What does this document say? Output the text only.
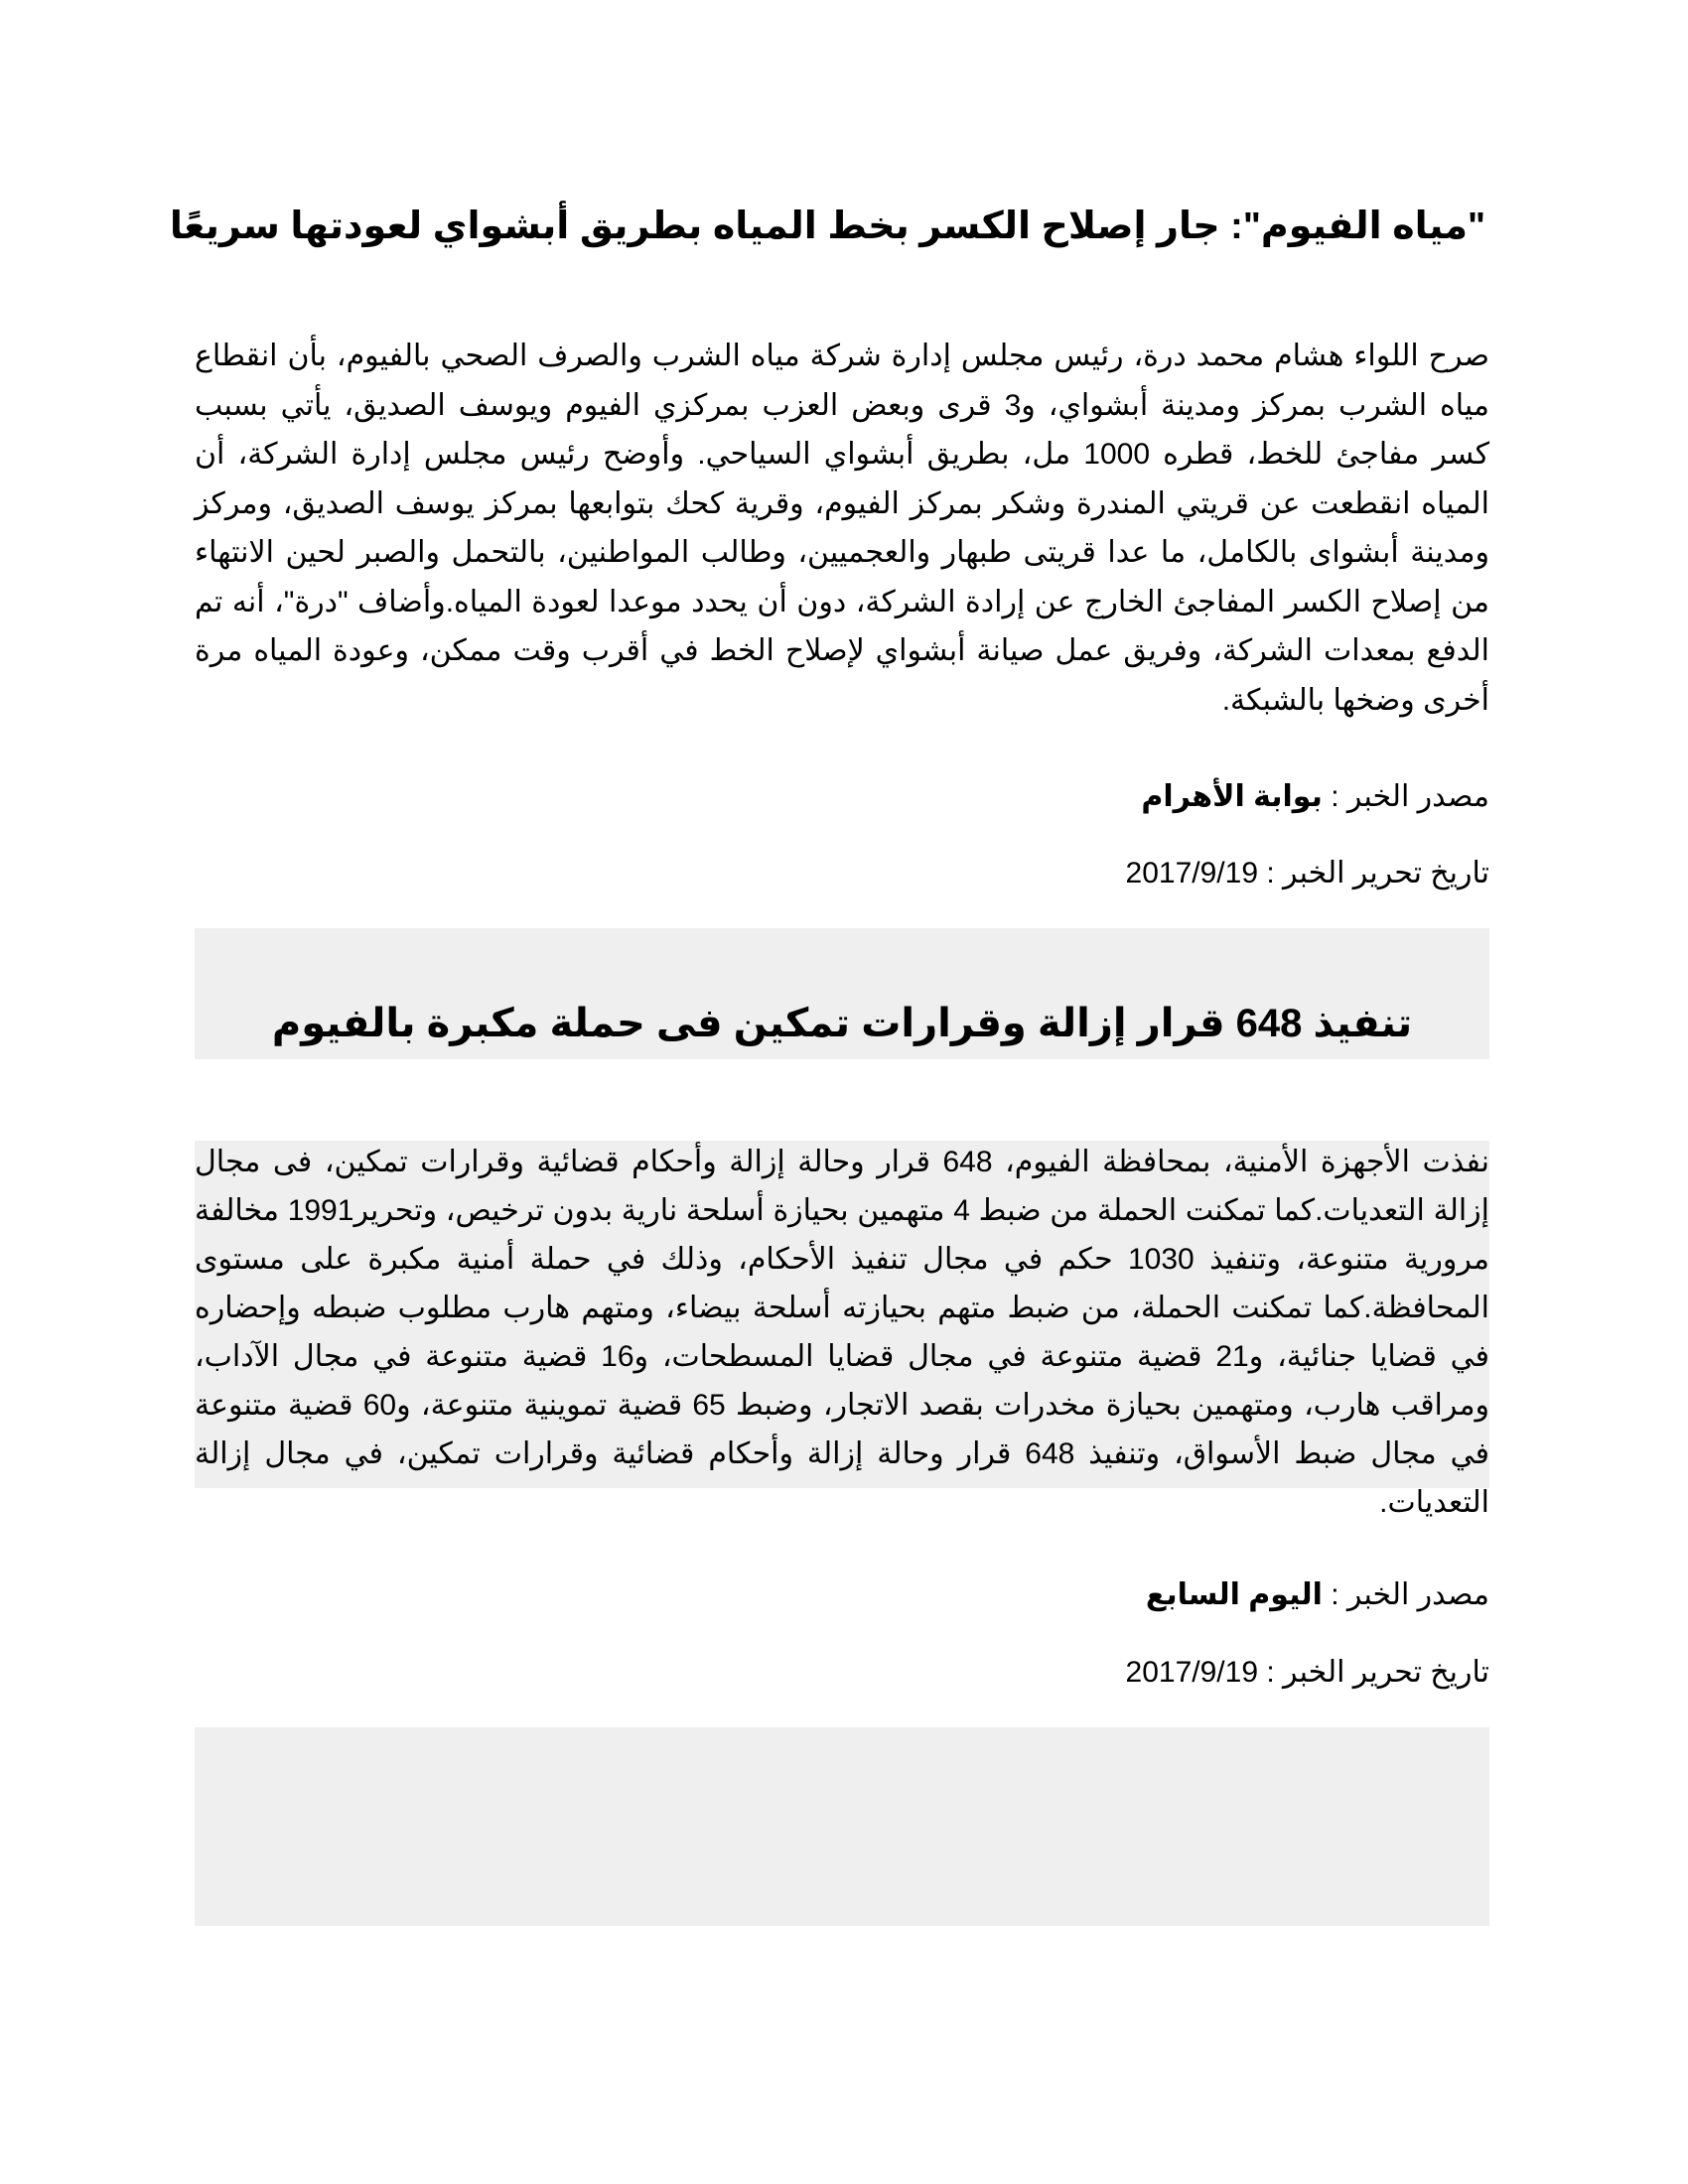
"مياه الفيوم": جار إصلاح الكسر بخط المياه بطريق أبشواي لعودتها سريعًا

صرح اللواء هشام محمد درة، رئيس مجلس إدارة شركة مياه الشرب والصرف الصحي بالفيوم، بأن انقطاع مياه الشرب بمركز ومدينة أبشواي، و3 قرى وبعض العزب بمركزي الفيوم ويوسف الصديق، يأتي بسبب كسر مفاجئ للخط، قطره 1000 مل، بطريق أبشواي السياحي. وأوضح رئيس مجلس إدارة الشركة، أن المياه انقطعت عن قريتي المندرة وشكر بمركز الفيوم، وقرية كحك بتوابعها بمركز يوسف الصديق، ومركز ومدينة أبشواى بالكامل، ما عدا قريتى طبهار والعجميين، وطالب المواطنين، بالتحمل والصبر لحين الانتهاء من إصلاح الكسر المفاجئ الخارج عن إرادة الشركة، دون أن يحدد موعدا لعودة المياه.وأضاف "درة"، أنه تم الدفع بمعدات الشركة، وفريق عمل صيانة أبشواي لإصلاح الخط في أقرب وقت ممكن، وعودة المياه مرة أخرى وضخها بالشبكة.

مصدر الخبر : بوابة الأهرام

تاريخ تحرير الخبر : 2017/9/19

تنفيذ 648 قرار إزالة وقرارات تمكين فى حملة مكبرة بالفيوم

نفذت الأجهزة الأمنية، بمحافظة الفيوم، 648 قرار وحالة إزالة وأحكام قضائية وقرارات تمكين، فى مجال إزالة التعديات.كما تمكنت الحملة من ضبط 4 متهمين بحيازة أسلحة نارية بدون ترخيص، وتحرير1991 مخالفة مرورية متنوعة، وتنفيذ 1030 حكم في مجال تنفيذ الأحكام، وذلك في حملة أمنية مكبرة على مستوى المحافظة.كما تمكنت الحملة، من ضبط متهم بحيازته أسلحة بيضاء، ومتهم هارب مطلوب ضبطه وإحضاره في قضايا جنائية، و21 قضية متنوعة في مجال قضايا المسطحات، و16 قضية متنوعة في مجال الآداب، ومراقب هارب، ومتهمين بحيازة مخدرات بقصد الاتجار، وضبط 65 قضية تموينية متنوعة، و60 قضية متنوعة في مجال ضبط الأسواق، وتنفيذ 648 قرار وحالة إزالة وأحكام قضائية وقرارات تمكين، في مجال إزالة التعديات.

مصدر الخبر : اليوم السابع

تاريخ تحرير الخبر : 2017/9/19
